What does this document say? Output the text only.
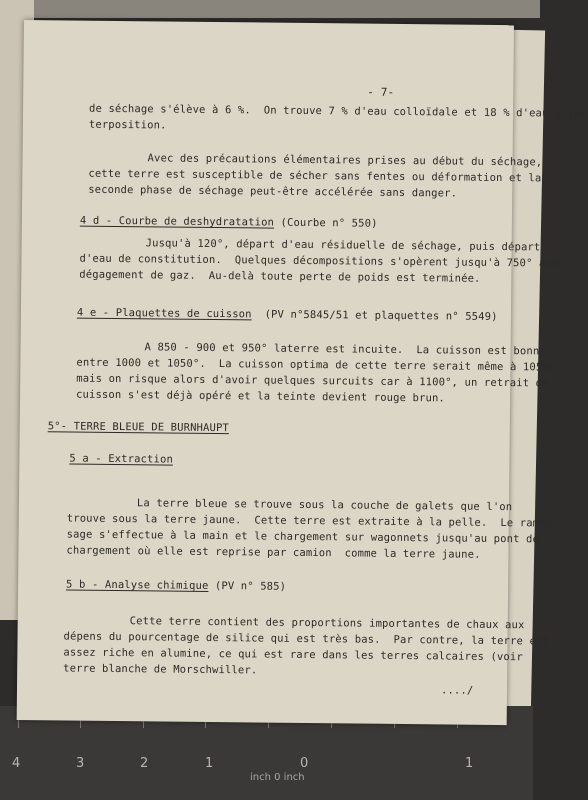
4	3	2	1	0	1
inch 0 inch
- 7-
de séchage s'élève à 6 %.  On trouve 7 % d'eau colloïdale et 18 % d'eau d'in-
terposition.
Avec des précautions élémentaires prises au début du séchage,
cette terre est susceptible de sécher sans fentes ou déformation et la
seconde phase de séchage peut-être accélérée sans danger.
4 d - Courbe de deshydratation (Courbe n° 550)
Jusqu'à 120°, départ d'eau résiduelle de séchage, puis départ
d'eau de constitution.  Quelques décompositions s'opèrent jusqu'à 750° avec
dégagement de gaz.  Au-delà toute perte de poids est terminée.
4 e - Plaquettes de cuisson (PV n°5845/51 et plaquettes n° 5549)
A 850 - 900 et 950° laterre est incuite.  La cuisson est bonne
entre 1000 et 1050°.  La cuisson optima de cette terre serait même à 1050°
mais on risque alors d'avoir quelques surcuits car à 1100°, un retrait de
cuisson s'est déjà opéré et la teinte devient rouge brun.
5°- TERRE BLEUE DE BURNHAUPT
5 a - Extraction
La terre bleue se trouve sous la couche de galets que l'on
trouve sous la terre jaune.  Cette terre est extraite à la pelle.  Le ramas-
sage s'effectue à la main et le chargement sur wagonnets jusqu'au pont de
chargement où elle est reprise par camion  comme la terre jaune.
5 b - Analyse chimique (PV n° 585)
Cette terre contient des proportions importantes de chaux aux
dépens du pourcentage de silice qui est très bas.  Par contre, la terre est
assez riche en alumine, ce qui est rare dans les terres calcaires (voir
terre blanche de Morschwiller.
..../
